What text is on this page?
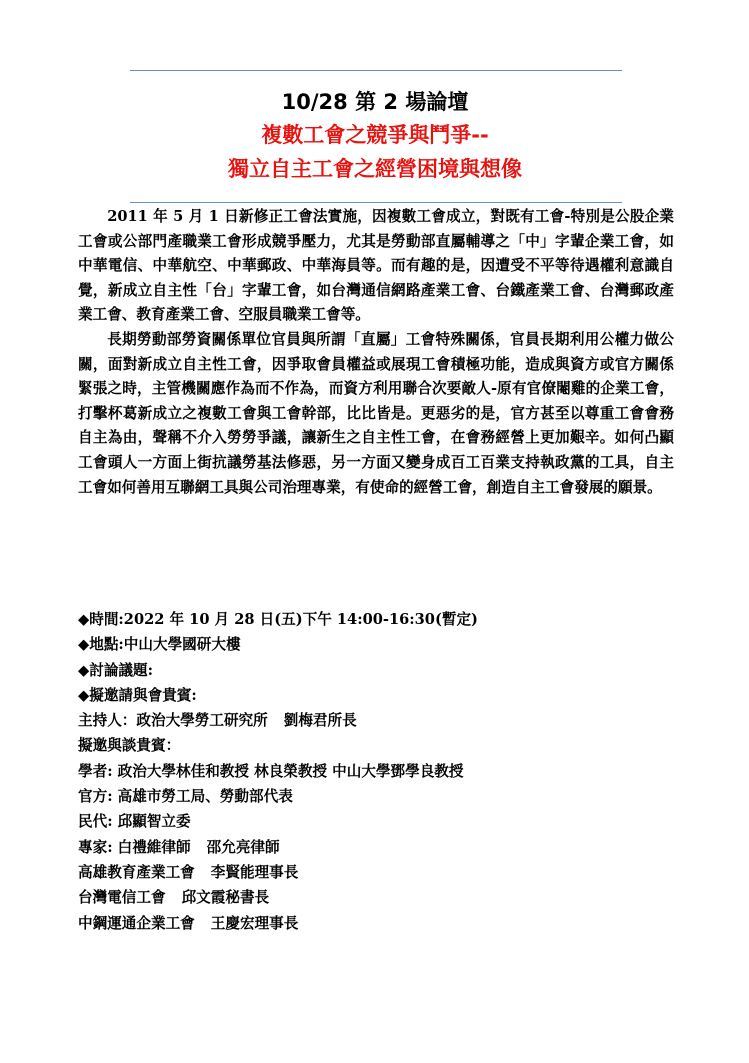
10/28 第 2 場論壇
複數工會之競爭與鬥爭--
獨立自主工會之經營困境與想像

2011 年 5 月 1 日新修正工會法實施，因複數工會成立，對既有工會-特別是公股企業工會或公部門產職業工會形成競爭壓力，尤其是勞動部直屬輔導之「中」字輩企業工會，如中華電信、中華航空、中華郵政、中華海員等。而有趣的是，因遭受不平等待遇權利意識自覺，新成立自主性「台」字輩工會，如台灣通信網路產業工會、台鐵產業工會、台灣郵政產業工會、教育產業工會、空服員職業工會等。

長期勞動部勞資關係單位官員與所謂「直屬」工會特殊關係，官員長期利用公權力做公關，面對新成立自主性工會，因爭取會員權益或展現工會積極功能，造成與資方或官方關係緊張之時，主管機關應作為而不作為，而資方利用聯合次要敵人-原有官僚閹雞的企業工會，打擊杯葛新成立之複數工會與工會幹部，比比皆是。更惡劣的是，官方甚至以尊重工會會務自主為由，聲稱不介入勞勞爭議，讓新生之自主性工會，在會務經營上更加艱辛。如何凸顯工會頭人一方面上街抗議勞基法修惡，另一方面又變身成百工百業支持執政黨的工具，自主工會如何善用互聯網工具與公司治理專業，有使命的經營工會，創造自主工會發展的願景。

◆時間:2022 年 10 月 28 日(五)下午 14:00-16:30(暫定)
◆地點:中山大學國研大樓
◆討論議題:
◆擬邀請與會貴賓:
主持人：政治大學勞工研究所 劉梅君所長
擬邀與談貴賓：
學者: 政治大學林佳和教授 林良榮教授 中山大學鄧學良教授
官方: 高雄市勞工局、勞動部代表
民代: 邱顯智立委
專家: 白禮維律師 邵允亮律師
高雄教育產業工會 李賢能理事長
台灣電信工會 邱文霞秘書長
中鋼運通企業工會 王慶宏理事長
